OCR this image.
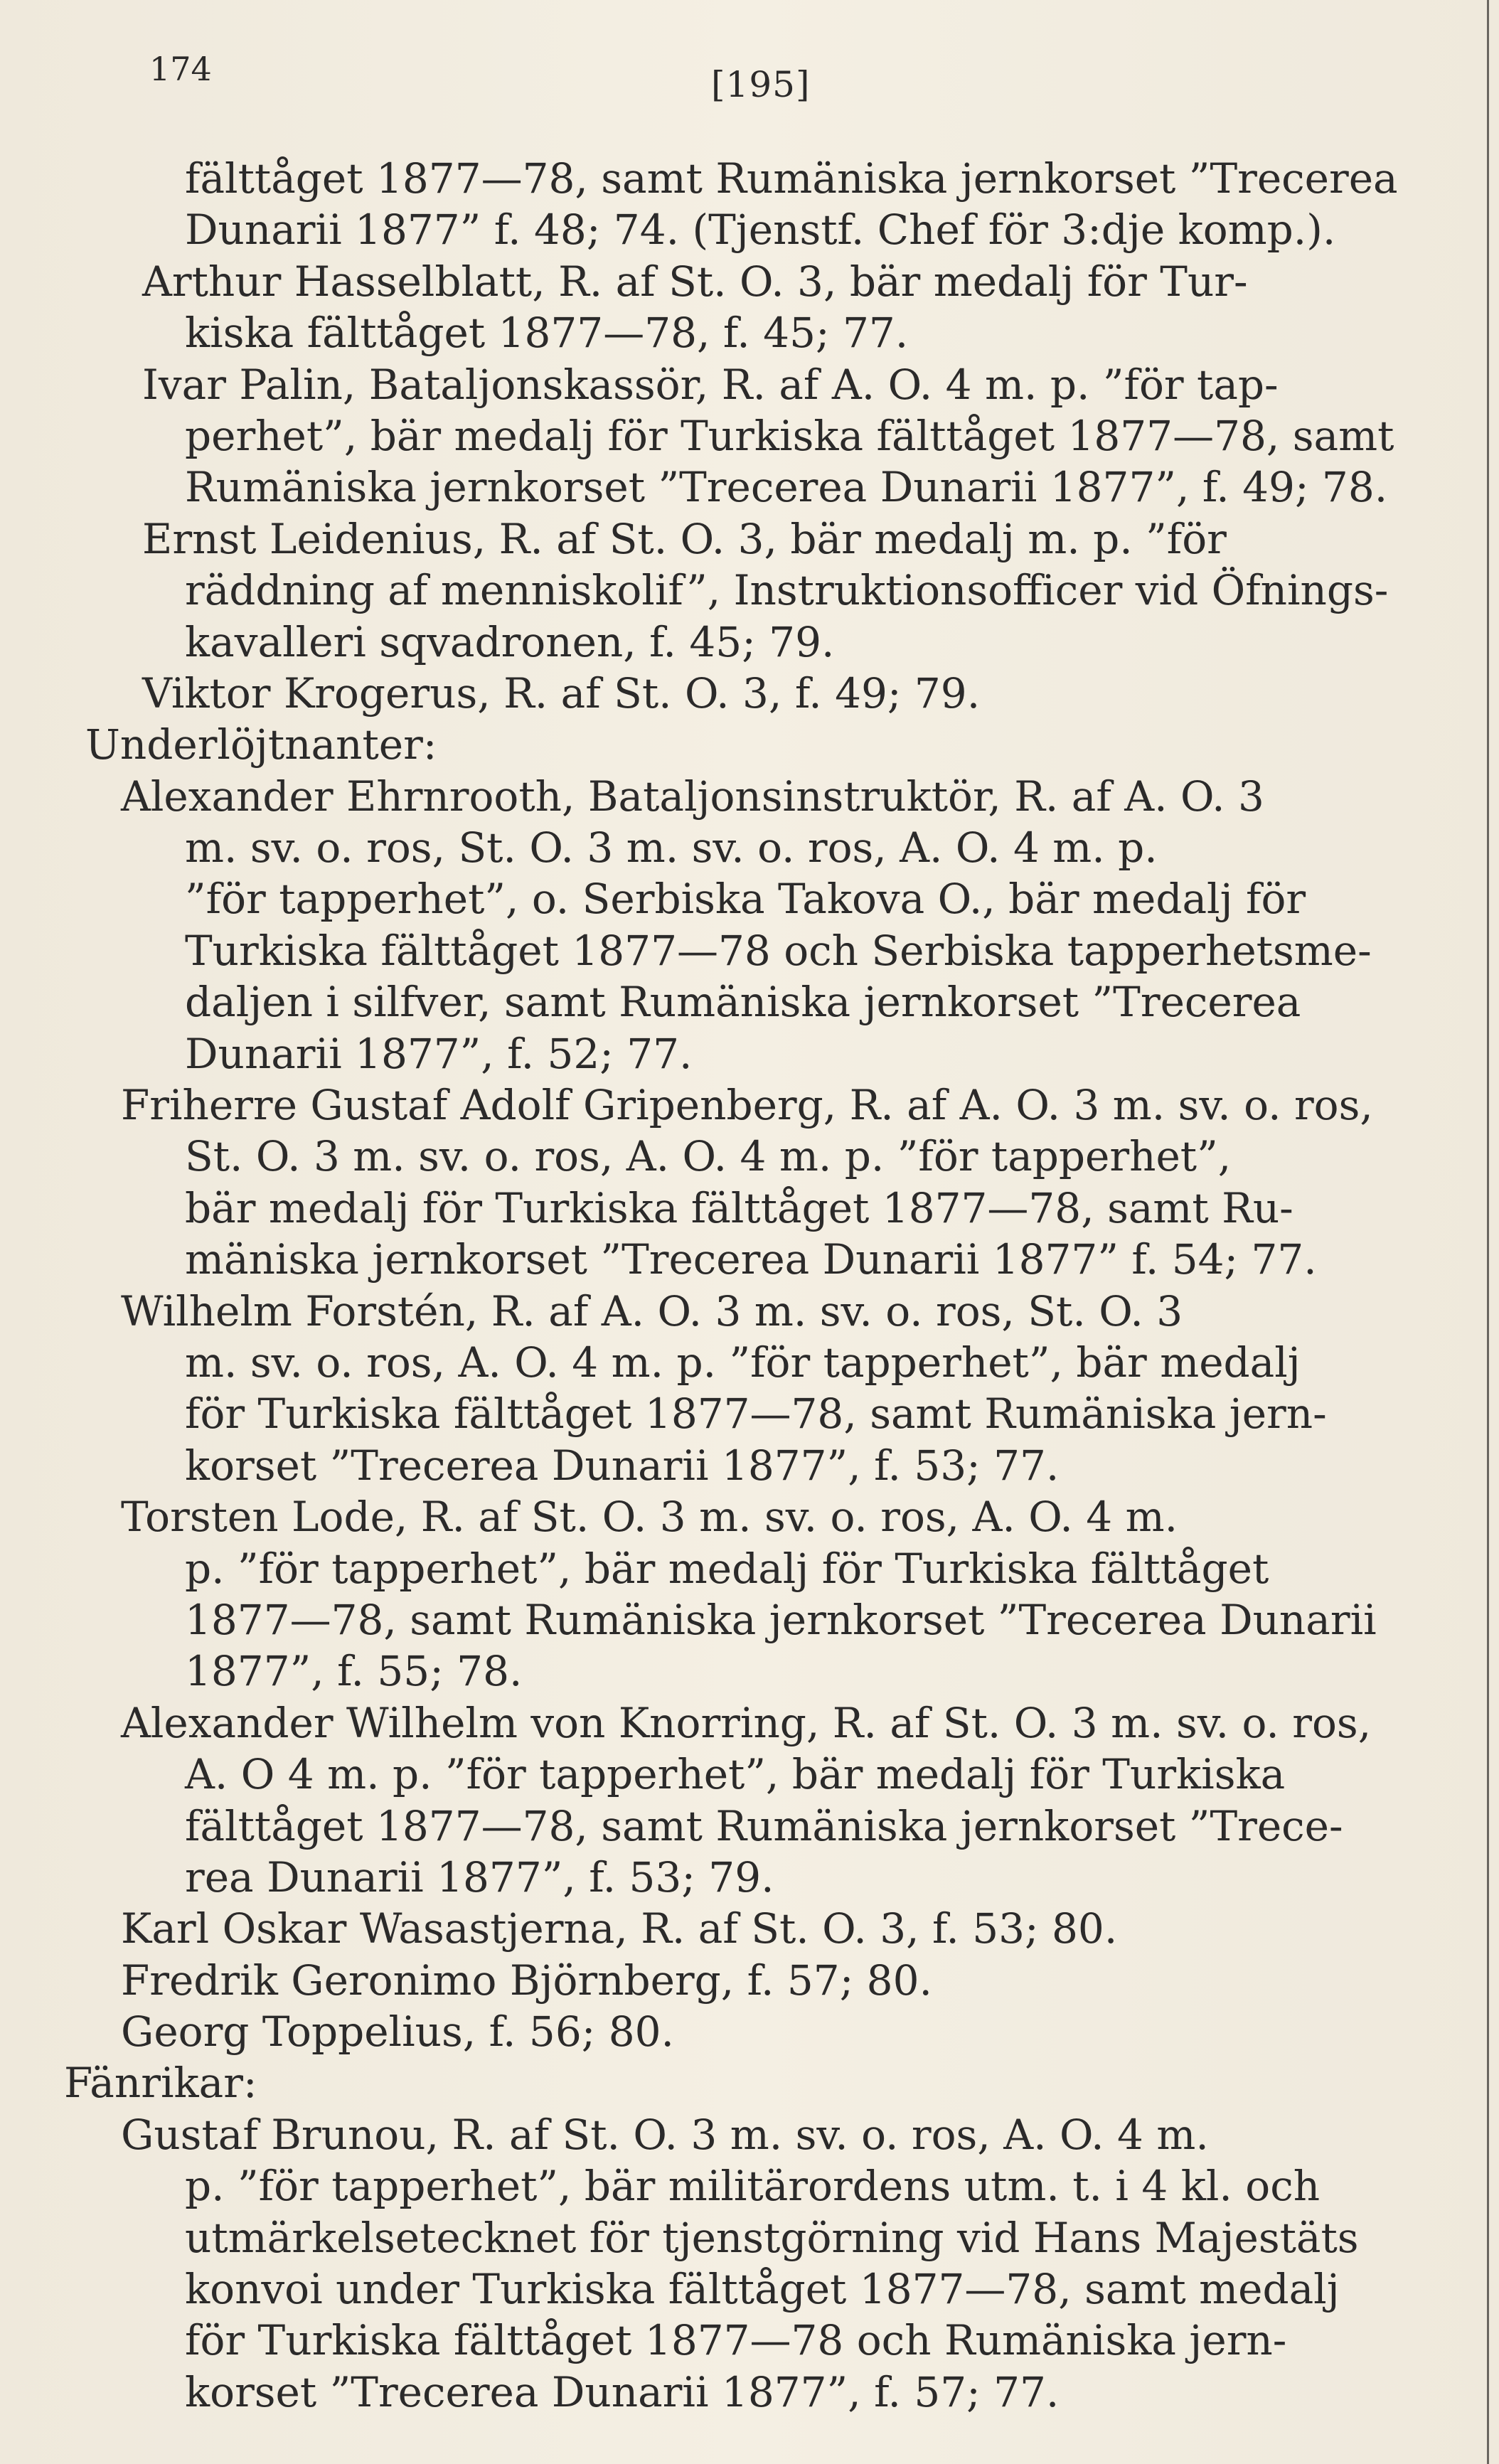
174	[195]
fälttåget 1877—78, samt Rumäniska jernkorset ”Trecerea
Dunarii 1877” f. 48; 74. (Tjenstf. Chef för 3:dje komp.).
Arthur Hasselblatt, R. af St. O. 3, bär medalj för Tur-
kiska fälttåget 1877—78, f. 45; 77.
Ivar Palin, Bataljonskassör, R. af A. O. 4 m. p. ”för tap-
perhet”, bär medalj för Turkiska fälttåget 1877—78, samt
Rumäniska jernkorset ”Trecerea Dunarii 1877”, f. 49; 78.
Ernst Leidenius, R. af St. O. 3, bär medalj m. p. ”för
räddning af menniskolif”, Instruktionsofficer vid Öfnings-
kavalleri sqvadronen, f. 45; 79.
Viktor Krogerus, R. af St. O. 3, f. 49; 79.
Underlöjtnanter:
Alexander Ehrnrooth, Bataljonsinstruktör, R. af A. O. 3
m. sv. o. ros, St. O. 3 m. sv. o. ros, A. O. 4 m. p.
”för tapperhet”, o. Serbiska Takova O., bär medalj för
Turkiska fälttåget 1877—78 och Serbiska tapperhetsme-
daljen i silfver, samt Rumäniska jernkorset ”Trecerea
Dunarii 1877”, f. 52; 77.
Friherre Gustaf Adolf Gripenberg, R. af A. O. 3 m. sv. o. ros,
St. O. 3 m. sv. o. ros, A. O. 4 m. p. ”för tapperhet”,
bär medalj för Turkiska fälttåget 1877—78, samt Ru-
mäniska jernkorset ”Trecerea Dunarii 1877” f. 54; 77.
Wilhelm Forstén, R. af A. O. 3 m. sv. o. ros, St. O. 3
m. sv. o. ros, A. O. 4 m. p. ”för tapperhet”, bär medalj
för Turkiska fälttåget 1877—78, samt Rumäniska jern-
korset ”Trecerea Dunarii 1877”, f. 53; 77.
Torsten Lode, R. af St. O. 3 m. sv. o. ros, A. O. 4 m.
p. ”för tapperhet”, bär medalj för Turkiska fälttåget
1877—78, samt Rumäniska jernkorset ”Trecerea Dunarii
1877”, f. 55; 78.
Alexander Wilhelm von Knorring, R. af St. O. 3 m. sv. o. ros,
A. O 4 m. p. ”för tapperhet”, bär medalj för Turkiska
fälttåget 1877—78, samt Rumäniska jernkorset ”Trece-
rea Dunarii 1877”, f. 53; 79.
Karl Oskar Wasastjerna, R. af St. O. 3, f. 53; 80.
Fredrik Geronimo Björnberg, f. 57; 80.
Georg Toppelius, f. 56; 80.
Fänrikar:
Gustaf Brunou, R. af St. O. 3 m. sv. o. ros, A. O. 4 m.
p. ”för tapperhet”, bär militärordens utm. t. i 4 kl. och
utmärkelsetecknet för tjenstgörning vid Hans Majestäts
konvoi under Turkiska fälttåget 1877—78, samt medalj
för Turkiska fälttåget 1877—78 och Rumäniska jern-
korset ”Trecerea Dunarii 1877”, f. 57; 77.
